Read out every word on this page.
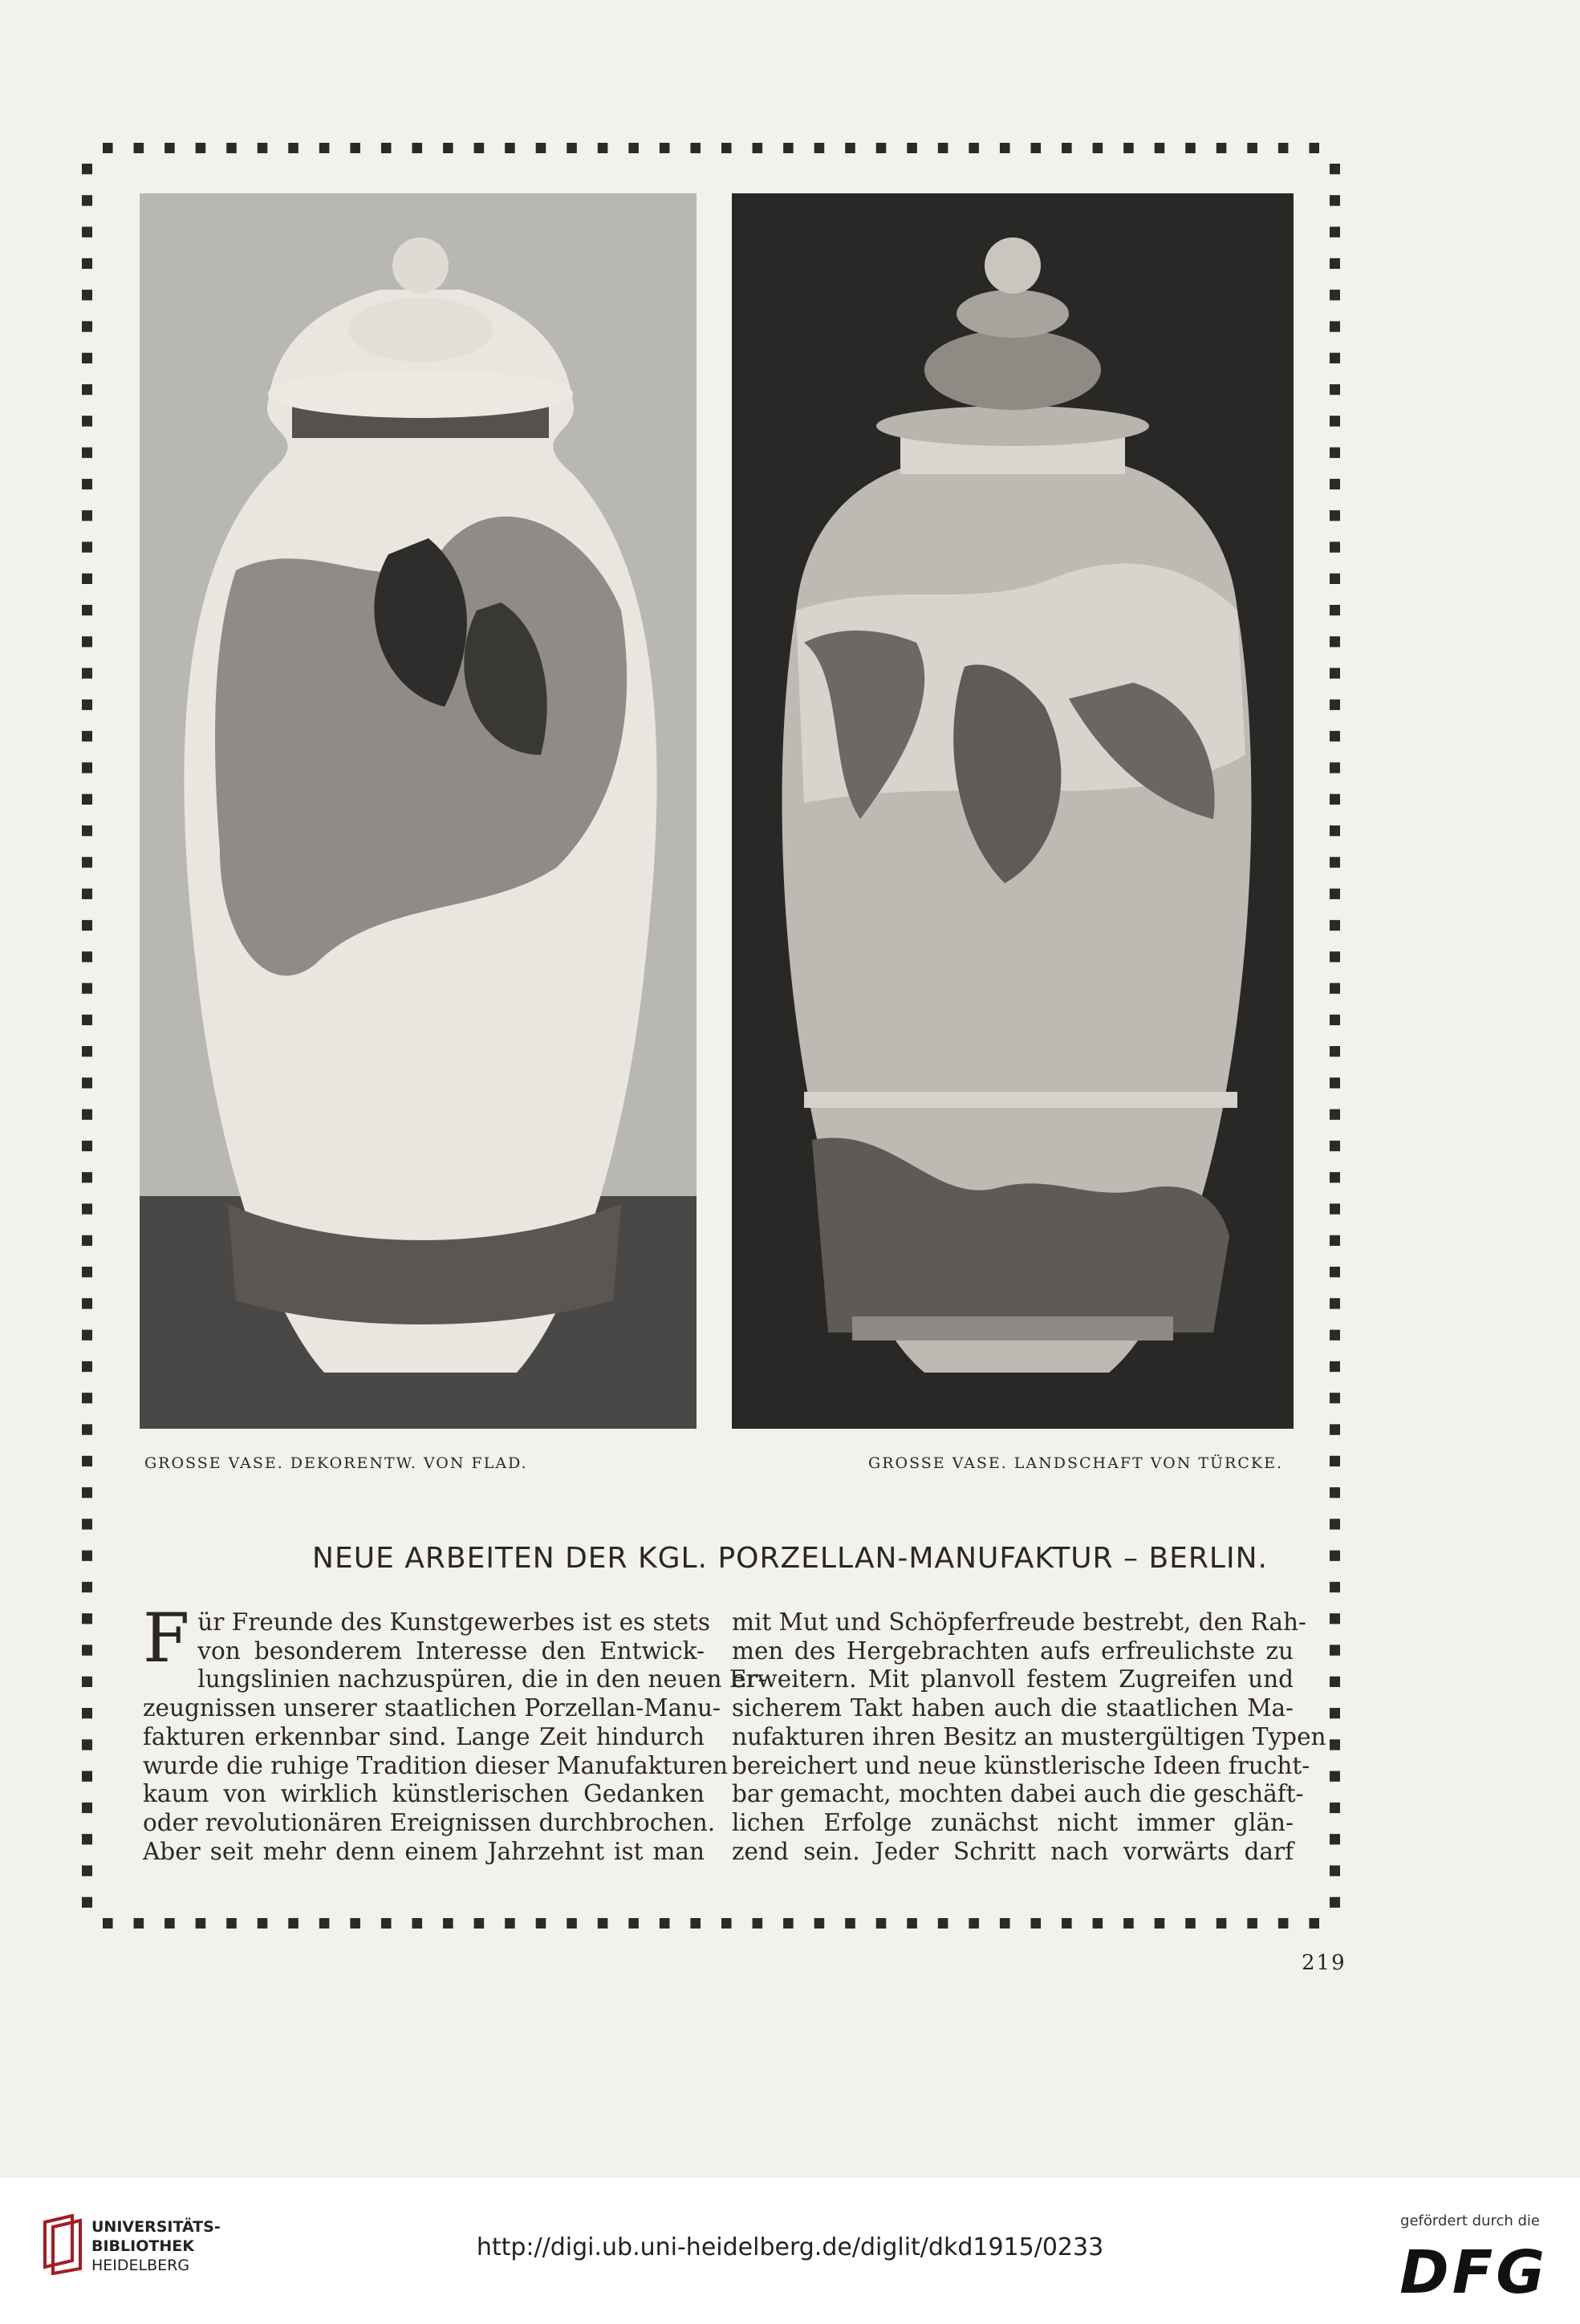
GROSSE VASE. DEKORENTW. VON FLAD.	GROSSE VASE. LANDSCHAFT VON TÜRCKE.
NEUE ARBEITEN DER KGL. PORZELLAN-MANUFAKTUR – BERLIN.
F ür Freunde des Kunstgewerbes ist es stets
von besonderem Interesse den Entwick-
lungslinien nachzuspüren, die in den neuen Er-
zeugnissen unserer staatlichen Porzellan-Manu-
fakturen erkennbar sind. Lange Zeit hindurch
wurde die ruhige Tradition dieser Manufakturen
kaum von wirklich künstlerischen Gedanken
oder revolutionären Ereignissen durchbrochen.
Aber seit mehr denn einem Jahrzehnt ist man
mit Mut und Schöpferfreude bestrebt, den Rah-
men des Hergebrachten aufs erfreulichste zu
erweitern. Mit planvoll festem Zugreifen und
sicherem Takt haben auch die staatlichen Ma-
nufakturen ihren Besitz an mustergültigen Typen
bereichert und neue künstlerische Ideen frucht-
bar gemacht, mochten dabei auch die geschäft-
lichen Erfolge zunächst nicht immer glän-
zend sein. Jeder Schritt nach vorwärts darf
219
UNIVERSITÄTS-
BIBLIOTHEK
HEIDELBERG
http://digi.ub.uni-heidelberg.de/diglit/dkd1915/0233
gefördert durch die
DFG
